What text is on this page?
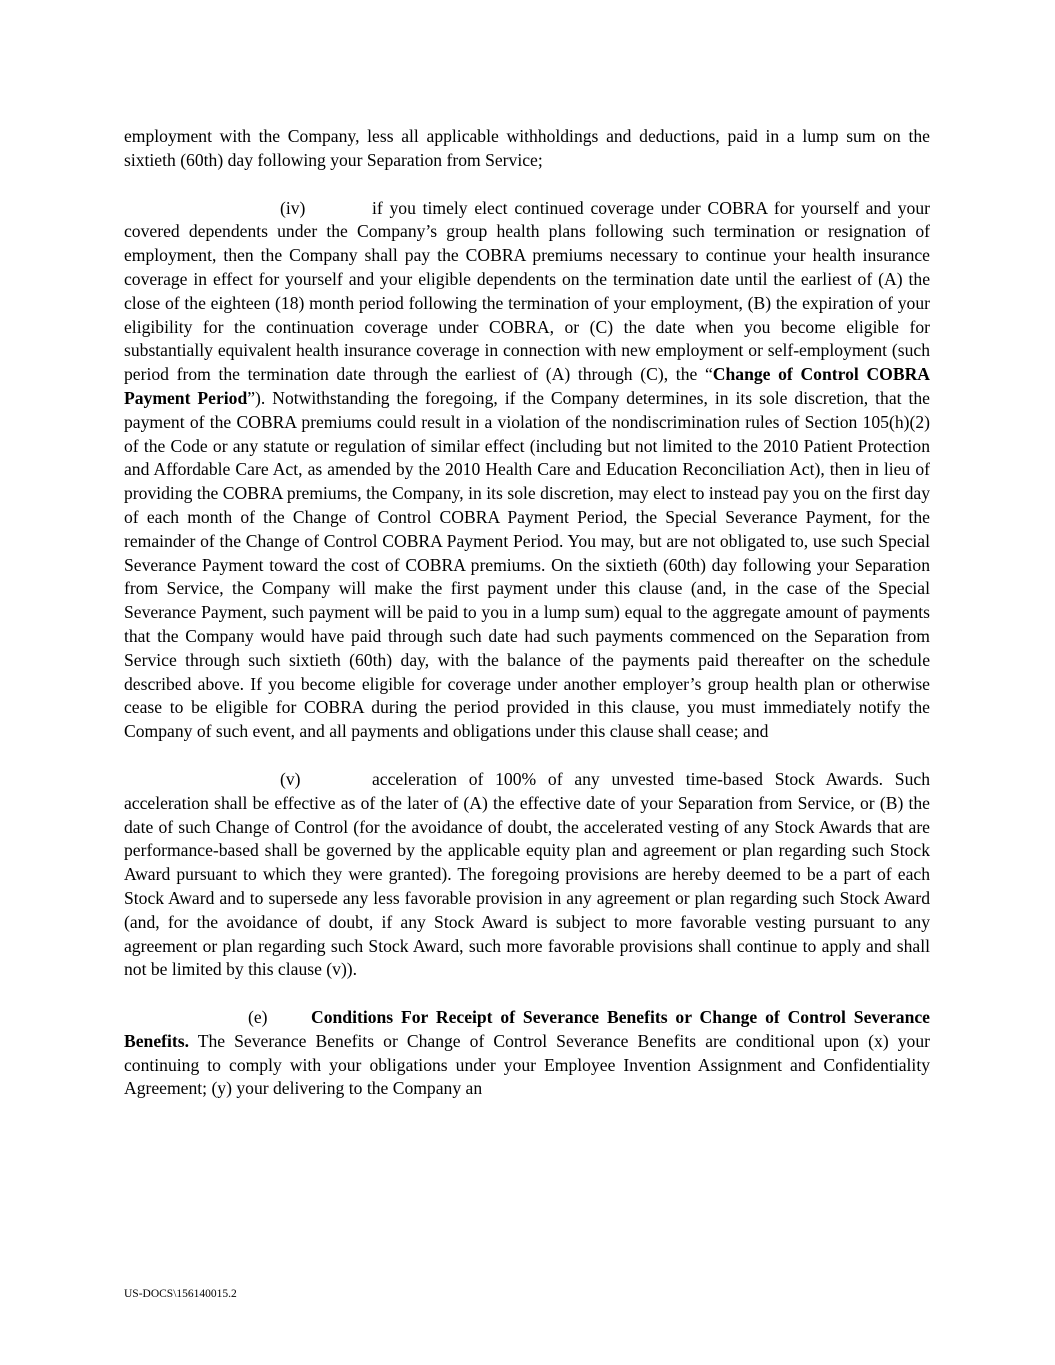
employment with the Company, less all applicable withholdings and deductions, paid in a lump sum on the sixtieth (60th) day following your Separation from Service;

(iv)	if you timely elect continued coverage under COBRA for yourself and your covered dependents under the Company’s group health plans following such termination or resignation of employment, then the Company shall pay the COBRA premiums necessary to continue your health insurance coverage in effect for yourself and your eligible dependents on the termination date until the earliest of (A) the close of the eighteen (18) month period following the termination of your employment, (B) the expiration of your eligibility for the continuation coverage under COBRA, or (C) the date when you become eligible for substantially equivalent health insurance coverage in connection with new employment or self-employment (such period from the termination date through the earliest of (A) through (C), the “Change of Control COBRA Payment Period”). Notwithstanding the foregoing, if the Company determines, in its sole discretion, that the payment of the COBRA premiums could result in a violation of the nondiscrimination rules of Section 105(h)(2) of the Code or any statute or regulation of similar effect (including but not limited to the 2010 Patient Protection and Affordable Care Act, as amended by the 2010 Health Care and Education Reconciliation Act), then in lieu of providing the COBRA premiums, the Company, in its sole discretion, may elect to instead pay you on the first day of each month of the Change of Control COBRA Payment Period, the Special Severance Payment, for the remainder of the Change of Control COBRA Payment Period. You may, but are not obligated to, use such Special Severance Payment toward the cost of COBRA premiums. On the sixtieth (60th) day following your Separation from Service, the Company will make the first payment under this clause (and, in the case of the Special Severance Payment, such payment will be paid to you in a lump sum) equal to the aggregate amount of payments that the Company would have paid through such date had such payments commenced on the Separation from Service through such sixtieth (60th) day, with the balance of the payments paid thereafter on the schedule described above. If you become eligible for coverage under another employer’s group health plan or otherwise cease to be eligible for COBRA during the period provided in this clause, you must immediately notify the Company of such event, and all payments and obligations under this clause shall cease; and

(v)	acceleration of 100% of any unvested time-based Stock Awards. Such acceleration shall be effective as of the later of (A) the effective date of your Separation from Service, or (B) the date of such Change of Control (for the avoidance of doubt, the accelerated vesting of any Stock Awards that are performance-based shall be governed by the applicable equity plan and agreement or plan regarding such Stock Award pursuant to which they were granted). The foregoing provisions are hereby deemed to be a part of each Stock Award and to supersede any less favorable provision in any agreement or plan regarding such Stock Award (and, for the avoidance of doubt, if any Stock Award is subject to more favorable vesting pursuant to any agreement or plan regarding such Stock Award, such more favorable provisions shall continue to apply and shall not be limited by this clause (v)).

(e) Conditions For Receipt of Severance Benefits or Change of Control Severance Benefits. The Severance Benefits or Change of Control Severance Benefits are conditional upon (x) your continuing to comply with your obligations under your Employee Invention Assignment and Confidentiality Agreement; (y) your delivering to the Company an

US-DOCS\156140015.2
